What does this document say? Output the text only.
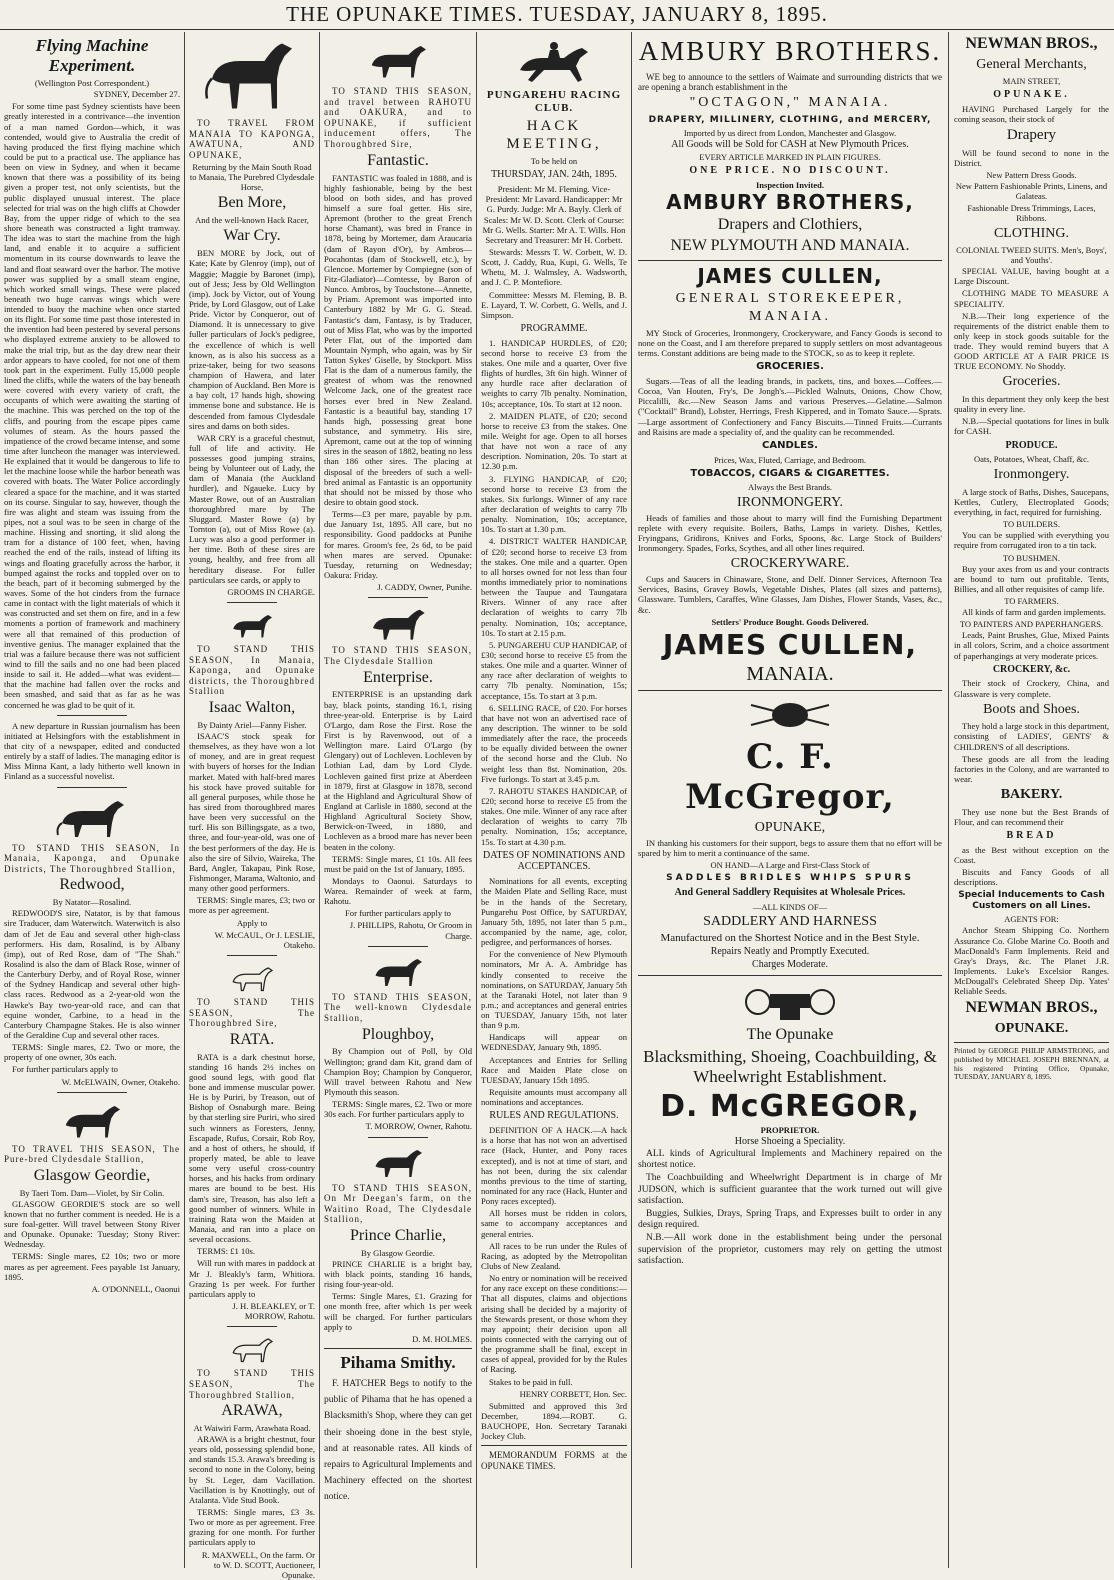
THE OPUNAKE TIMES. TUESDAY, JANUARY 8, 1895.
Flying Machine Experiment.
(Wellington Post Correspondent.)

SYDNEY, December 27.

For some time past Sydney scientists have been greatly interested in a contrivance—the invention of a man named Gordon—which, it was contended, would give to Australia the credit of having produced the first flying machine which could be put to a practical use. The appliance has been on view in Sydney, and when it became known that there was a possibility of its being given a proper test, not only scientists, but the public displayed unusual interest. The place selected for trial was on the high cliffs at Chowder Bay, from the upper ridge of which to the sea shore beneath was constructed a light tramway. The idea was to start the machine from the high land, and enable it to acquire a sufficient momentum in its course downwards to leave the land and float seaward over the harbor. The motive power was supplied by a small steam engine, which worked small wings. These were placed beneath two huge canvas wings which were intended to buoy the machine when once started on its flight. For some time past those interested in the invention had been pestered by several persons who displayed extreme anxiety to be allowed to make the trial trip, but as the day drew near their ardor appears to have cooled, for not one of them took part in the experiment. Fully 15,000 people lined the cliffs, while the waters of the bay beneath were covered with every variety of craft, the occupants of which were awaiting the starting of the machine. This was perched on the top of the cliffs, and pouring from the escape pipes came volumes of steam. As the hours passed the impatience of the crowd became intense, and some time after luncheon the manager was interviewed. He explained that it would be dangerous to life to let the machine loose while the harbor beneath was covered with boats. The Water Police accordingly cleared a space for the machine, and it was started on its course. Singular to say, however, though the fire was alight and steam was issuing from the pipes, not a soul was to be seen in charge of the machine. Hissing and snorting, it slid along the tram for a distance of 100 feet, when, having reached the end of the rails, instead of lifting its wings and floating gracefully across the harbor, it bumped against the rocks and toppled over on to the beach, part of it becoming submerged by the waves. Some of the hot cinders from the furnace came in contact with the light materials of which it was constructed and set them on fire, and in a few moments a portion of framework and machinery were all that remained of this production of inventive genius. The manager explained that the trial was a failure because there was not sufficient wind to fill the sails and no one had been placed inside to sail it. He added—what was evident—that the machine had fallen over the rocks and been smashed, and said that as far as he was concerned he was glad to be quit of it.

A new departure in Russian journalism has been initiated at Helsingfors with the establishment in that city of a newspaper, edited and conducted entirely by a staff of ladies. The managing editor is Miss Minna Kant, a lady hitherto well known in Finland as a successful novelist.

TO STAND THIS SEASON, In Manaia, Kaponga, and Opunake Districts, The Thoroughbred Stallion,

Redwood,
By Natator—Rosalind.

REDWOOD'S sire, Natator, is by that famous sire Traducer, dam Waterwitch. Waterwitch is also dam of Jet de Eau and several other high-class performers. His dam, Rosalind, is by Albany (imp), out of Red Rose, dam of "The Shah." Rosalind is also the dam of Black Rose, winner of the Canterbury Derby, and of Royal Rose, winner of the Sydney Handicap and several other high-class races. Redwood as a 2-year-old won the Hawke's Bay two-year-old race, and can that equine wonder, Carbine, to a head in the Canterbury Champagne Stakes. He is also winner of the Geraldine Cup and several other races.

TERMS: Single mares, £2. Two or more, the property of one owner, 30s each.

For further particulars apply to

W. McELWAIN, Owner, Otakeho.

TO TRAVEL THIS SEASON, The Pure-bred Clydesdale Stallion,

Glasgow Geordie,
By Taeri Tom. Dam—Violet, by Sir Colin.

GLASGOW GEORDIE'S stock are so well known that no further comment is needed. He is a sure foal-getter. Will travel between Stony River and Opunake. Opunake: Tuesday; Stony River: Wednesday.

TERMS: Single mares, £2 10s; two or more mares as per agreement. Fees payable 1st January, 1895.

A. O'DONNELL, Oaonui

TO TRAVEL FROM MANAIA TO KAPONGA, AWATUNA, AND OPUNAKE,

Returning by the Main South Road to Manaia, The Purebred Clydesdale Horse,
Ben More,
And the well-known Hack Racer,
War Cry.

BEN MORE by Jock, out of Kate; Kate by Glenroy (imp), out of Maggie; Maggie by Baronet (imp), out of Jess; Jess by Old Wellington (imp). Jock by Victor, out of Young Pride, by Lord Glasgow, out of Lake Pride. Victor by Conqueror, out of Diamond. It is unnecessary to give fuller particulars of Jock's pedigree, the excellence of which is well known, as is also his success as a prize-taker, being for two seasons champion of Hawera, and later champion of Auckland. Ben More is a bay colt, 17 hands high, showing immense bone and substance. He is descended from famous Clydesdale sires and dams on both sides.

WAR CRY is a graceful chestnut, full of life and activity. He possesses good jumping strains, being by Volunteer out of Lady, the dam of Manaia (the Auckland hurdler), and Ngaueke. Lucy by Master Rowe, out of an Australian thoroughbred mare by The Sluggard. Master Rowe (a) by Tornton (a), out of Miss Rowe (a). Lucy was also a good performer in her time. Both of these sires are young, healthy, and free from all hereditary disease. For fuller particulars see cards, or apply to

GROOMS IN CHARGE.

TO STAND THIS SEASON, In Manaia, Kaponga, and Opunake districts, the Thoroughbred Stallion

Isaac Walton,
By Dainty Ariel—Fanny Fisher.

ISAAC'S stock speak for themselves, as they have won a lot of money, and are in great request with buyers of horses for the Indian market. Mated with half-bred mares his stock have proved suitable for all general purposes, while those he has sired from thoroughbred mares have been very successful on the turf. His son Billingsgate, as a two, three, and four-year-old, was one of the best performers of the day. He is also the sire of Silvio, Waireka, The Bard, Angler, Takapau, Pink Rose, Fishmonger, Marama, Waltonio, and many other good performers.

TERMS: Single mares, £3; two or more as per agreement.

Apply to

W. McCAUL, Or J. LESLIE, Otakeho.

TO STAND THIS SEASON, The Thoroughbred Sire,

RATA.

RATA is a dark chestnut horse, standing 16 hands 2½ inches on good sound legs, with good flat bone and immense muscular power. He is by Puriri, by Treason, out of Bishop of Osnaburgh mare. Being by that sterling sire Puriri, who sired such winners as Foresters, Jenny, Escapade, Rufus, Corsair, Rob Roy, and a host of others, he should, if properly mated, be able to leave some very useful cross-country horses, and his hacks from ordinary mares are bound to be best. His dam's sire, Treason, has also left a good number of winners. While in training Rata won the Maiden at Manaia, and ran into a place on several occasions.

TERMS: £1 10s.

Will run with mares in paddock at Mr J. Bleakly's farm, Whitiora. Grazing 1s per week. For further particulars apply to

J. H. BLEAKLEY, or T. MORROW, Rahotu.

TO STAND THIS SEASON, The Thoroughbred Stallion,

ARAWA,
At Waiwiri Farm, Arawhata Road.

ARAWA is a bright chestnut, four years old, possessing splendid bone, and stands 15.3. Arawa's breeding is second to none in the Colony, being by St. Leger, dam Vacillation. Vacillation is by Knottingly, out of Atalanta. Vide Stud Book.

TERMS: Single mares, £3 3s. Two or more as per agreement. Free grazing for one month. For further particulars apply to

R. MAXWELL, On the farm. Or to W. D. SCOTT, Auctioneer, Opunake.

TO STAND THIS SEASON, and travel between RAHOTU and OAKURA, and to OPUNAKE, if sufficient inducement offers, The Thoroughbred Sire,

Fantastic.

FANTASTIC was foaled in 1888, and is highly fashionable, being by the best blood on both sides, and has proved himself a sure foal getter. His sire, Apremont (brother to the great French horse Chamant), was bred in France in 1878, being by Mortemer, dam Araucaria (dam of Rayon d'Or), by Ambros—Pocahontas (dam of Stockwell, etc.), by Glencoe. Mortemer by Compiegne (son of Fitz-Gladiator)—Comtesse, by Baron of Nunco. Ambros, by Touchstone—Annette, by Priam. Apremont was imported into Canterbury 1882 by Mr G. G. Stead. Fantastic's dam, Fantasy, is by Traducer, out of Miss Flat, who was by the imported Peter Flat, out of the imported dam Mountain Nymph, who again, was by Sir Tatton Sykes' Giselle, by Stockport. Miss Flat is the dam of a numerous family, the greatest of whom was the renowned Welcome Jack, one of the greatest race horses ever bred in New Zealand. Fantastic is a beautiful bay, standing 17 hands high, possessing great bone substance, and symmetry. His sire, Apremont, came out at the top of winning sires in the season of 1882, beating no less than 186 other sires. The placing at disposal of the breeders of such a well-bred animal as Fantastic is an opportunity that should not be missed by those who desire to obtain good stock.

Terms—£3 per mare, payable by p.m. due January 1st, 1895. All care, but no responsibility. Good paddocks at Punihe for mares. Groom's fee, 2s 6d, to be paid when mares are served. Opunake: Tuesday, returning on Wednesday; Oakura: Friday.

J. CADDY, Owner, Punihe.

TO STAND THIS SEASON, The Clydesdale Stallion

Enterprise.

ENTERPRISE is an upstanding dark bay, black points, standing 16.1, rising three-year-old. Enterprise is by Laird O'Largo, dam Rose the First. Rose the First is by Ravenwood, out of a Wellington mare. Laird O'Largo (by Glengary) out of Lochleven. Lochleven by Lothian Lad, dam by Lord Clyde. Lochleven gained first prize at Aberdeen in 1879, first at Glasgow in 1878, second at the Highland and Agricultural Show of England at Carlisle in 1880, second at the Highland Agricultural Society Show, Berwick-on-Tweed, in 1880, and Lochleven as a brood mare has never been beaten in the colony.

TERMS: Single mares, £1 10s. All fees must be paid on the 1st of January, 1895.

Mondays to Oaonui. Saturdays to Warea. Remainder of week at farm, Rahotu.

For further particulars apply to

J. PHILLIPS, Rahotu, Or Groom in Charge.

TO STAND THIS SEASON, The well-known Clydesdale Stallion,

Ploughboy,

By Champion out of Poll, by Old Wellington; grand dam Kit, grand dam of Champion Boy; Champion by Conqueror, Will travel between Rahotu and New Plymouth this season.

TERMS: Single mares, £2. Two or more 30s each. For further particulars apply to

T. MORROW, Owner, Rahotu.

TO STAND THIS SEASON, On Mr Deegan's farm, on the Waitino Road, The Clydesdale Stallion,

Prince Charlie,
By Glasgow Geordie.

PRINCE CHARLIE is a bright bay, with black points, standing 16 hands, rising four-year-old.

Terms: Single Mares, £1. Grazing for one month free, after which 1s per week will be charged. For further particulars apply to

D. M. HOLMES.

Pihama Smithy.

F. HATCHER Begs to notify to the public of Pihama that he has opened a Blacksmith's Shop, where they can get their shoeing done in the best style, and at reasonable rates. All kinds of repairs to Agricultural Implements and Machinery effected on the shortest notice.

PUNGAREHU RACING CLUB.
HACK MEETING,
To be held on
THURSDAY, JAN. 24th, 1895.

President: Mr M. Fleming. Vice-President: Mr Lavard. Handicapper: Mr G. Purdy. Judge: Mr A. Bayly. Clerk of Scales: Mr W. D. Scott. Clerk of Course: Mr G. Wells. Starter: Mr A. T. Wills. Hon Secretary and Treasurer: Mr H. Corbett.

Stewards: Messrs T. W. Corbett, W. D. Scott, J. Caddy, Rua, Kupi, G. Wells, Te Whetu, M. J. Walmsley, A. Wadsworth, and J. C. P. Montefiore.

Committee: Messrs M. Fleming, B. B. E. Layard, T. W. Corbett, G. Wells, and J. Simpson.

PROGRAMME.

1. HANDICAP HURDLES, of £20; second horse to receive £3 from the stakes. One mile and a quarter, Over five flights of hurdles, 3ft 6in high. Winner of any hurdle race after declaration of weights to carry 7lb penalty. Nomination, 10s; acceptance, 10s. To start at 12 noon.

2. MAIDEN PLATE, of £20; second horse to receive £3 from the stakes. One mile. Weight for age. Open to all horses that have not won a race of any description. Nomination, 20s. To start at 12.30 p.m.

3. FLYING HANDICAP, of £20; second horse to receive £3 from the stakes. Six furlongs. Winner of any race after declaration of weights to carry 7lb penalty. Nomination, 10s; acceptance, 10s. To start at 1.30 p.m.

4. DISTRICT WALTER HANDICAP, of £20; second horse to receive £3 from the stakes. One mile and a quarter. Open to all horses owned for not less than four months immediately prior to nominations between the Taupue and Taungatara Rivers. Winner of any race after declaration of weights to carry 7lb penalty. Nomination, 10s; acceptance, 10s. To start at 2.15 p.m.

5. PUNGAREHU CUP HANDICAP, of £30; second horse to receive £5 from the stakes. One mile and a quarter. Winner of any race after declaration of weights to carry 7lb penalty. Nomination, 15s; acceptance, 15s. To start at 3 p.m.

6. SELLING RACE, of £20. For horses that have not won an advertised race of any description. The winner to be sold immediately after the race, the proceeds to be equally divided between the owner of the second horse and the Club. No weight less than 8st. Nomination, 20s. Five furlongs. To start at 3.45 p.m.

7. RAHOTU STAKES HANDICAP, of £20; second horse to receive £5 from the stakes. One mile. Winner of any race after declaration of weights to carry 7lb penalty. Nomination, 15s; acceptance, 15s. To start at 4.30 p.m.

DATES OF NOMINATIONS AND ACCEPTANCES.

Nominations for all events, excepting the Maiden Plate and Selling Race, must be in the hands of the Secretary, Pungarehu Post Office, by SATURDAY, January 5th, 1895, not later than 5 p.m., accompanied by the name, age, color, pedigree, and performances of horses.

For the convenience of New Plymouth nominators, Mr A. A. Ambridge has kindly consented to receive the nominations, on SATURDAY, January 5th at the Taranaki Hotel, not later than 9 p.m.; and acceptances and general entries on TUESDAY, January 15th, not later than 9 p.m.

Handicaps will appear on WEDNESDAY, January 9th, 1895.

Acceptances and Entries for Selling Race and Maiden Plate close on TUESDAY, January 15th 1895.

Requisite amounts must accompany all nominations and acceptances.

RULES AND REGULATIONS.

DEFINITION OF A HACK.—A hack is a horse that has not won an advertised race (Hack, Hunter, and Pony races excepted), and is not at time of start, and has not been, during the six calendar months previous to the time of starting, nominated for any race (Hack, Hunter and Pony races excepted).

All horses must be ridden in colors, same to accompany acceptances and general entries.

All races to be run under the Rules of Racing, as adopted by the Metropolitan Clubs of New Zealand.

No entry or nomination will be received for any race except on these conditions:—That all disputes, claims and objections arising shall be decided by a majority of the Stewards present, or those whom they may appoint; their decision upon all points connected with the carrying out of the programme shall be final, except in cases of appeal, provided for by the Rules of Racing.

Stakes to be paid in full.

HENRY CORBETT, Hon. Sec.

Submitted and approved this 3rd December, 1894.—ROBT. G. BAUCHOPE, Hon. Secretary Taranaki Jockey Club.

MEMORANDUM FORMS at the OPUNAKE TIMES.

AMBURY BROTHERS.

WE beg to announce to the settlers of Waimate and surrounding districts that we are opening a branch establishment in the

"OCTAGON," MANAIA.
DRAPERY, MILLINERY, CLOTHING, and MERCERY,
Imported by us direct from London, Manchester and Glasgow.
All Goods will be Sold for CASH at New Plymouth Prices.
EVERY ARTICLE MARKED IN PLAIN FIGURES.
ONE PRICE. NO DISCOUNT.
Inspection Invited.
AMBURY BROTHERS,
Drapers and Clothiers,
NEW PLYMOUTH AND MANAIA.
JAMES CULLEN,
GENERAL STOREKEEPER,
MANAIA.

MY Stock of Groceries, Ironmongery, Crockeryware, and Fancy Goods is second to none on the Coast, and I am therefore prepared to supply settlers on most advantageous terms. Constant additions are being made to the STOCK, so as to keep it replete.

GROCERIES.

Sugars.—Teas of all the leading brands, in packets, tins, and boxes.—Coffees.—Cocoa, Van Houten, Fry's, De Jongh's.—Pickled Walnuts, Onions, Chow Chow, Piccalilli, &c.—New Season Jams and various Preserves.—Gelatine.—Salmon ("Cocktail" Brand), Lobster, Herrings, Fresh Kippered, and in Tomato Sauce.—Sprats.—Large assortment of Confectionery and Fancy Biscuits.—Tinned Fruits.—Currants and Raisins are made a speciality of, and the quality can be recommended.

CANDLES.
Prices, Wax, Fluted, Carriage, and Bedroom.
TOBACCOS, CIGARS & CIGARETTES.
Always the Best Brands.
IRONMONGERY.

Heads of families and those about to marry will find the Furnishing Department replete with every requisite. Boilers, Baths, Lamps in variety. Dishes, Kettles, Fryingpans, Gridirons, Knives and Forks, Spoons, &c. Large Stock of Builders' Ironmongery. Spades, Forks, Scythes, and all other lines required.

CROCKERYWARE.

Cups and Saucers in Chinaware, Stone, and Delf. Dinner Services, Afternoon Tea Services, Basins, Gravey Bowls, Vegetable Dishes, Plates (all sizes and patterns), Glassware. Tumblers, Caraffes, Wine Glasses, Jam Dishes, Flower Stands, Vases, &c., &c.

Settlers' Produce Bought. Goods Delivered.
JAMES CULLEN,
MANAIA.
C. F. McGregor,
OPUNAKE,

IN thanking his customers for their support, begs to assure them that no effort will be spared by him to merit a continuance of the same.

ON HAND—A Large and First-Class Stock of
SADDLES BRIDLES WHIPS SPURS
And General Saddlery Requisites at Wholesale Prices.
—ALL KINDS OF—
SADDLERY AND HARNESS
Manufactured on the Shortest Notice and in the Best Style.
Repairs Neatly and Promptly Executed.
Charges Moderate.
The Opunake
Blacksmithing, Shoeing, Coachbuilding, & Wheelwright Establishment.
D. McGREGOR,
PROPRIETOR.
Horse Shoeing a Speciality.

ALL kinds of Agricultural Implements and Machinery repaired on the shortest notice.

The Coachbuilding and Wheelwright Department is in charge of Mr JUDSON, which is sufficient guarantee that the work turned out will give satisfaction.

Buggies, Sulkies, Drays, Spring Traps, and Expresses built to order in any design required.

N.B.—All work done in the establishment being under the personal supervision of the proprietor, customers may rely on getting the utmost satisfaction.

NEWMAN BROS.,
General Merchants,
MAIN STREET,
OPUNAKE.

HAVING Purchased Largely for the coming season, their stock of

Drapery

Will be found second to none in the District.

New Pattern Dress Goods.
New Pattern Fashionable Prints, Linens, and Galateas.
Fashionable Dress Trimmings, Laces, Ribbons.
CLOTHING.
COLONIAL TWEED SUITS. Men's, Boys', and Youths'.

SPECIAL VALUE, having bought at a Large Discount.

CLOTHING MADE TO MEASURE A SPECIALITY.

N.B.—Their long experience of the requirements of the district enable them to only keep in stock goods suitable for the trade. They would remind buyers that A GOOD ARTICLE AT A FAIR PRICE IS TRUE ECONOMY. No Shoddy.

Groceries.

In this department they only keep the best quality in every line.

N.B.—Special quotations for lines in bulk for CASH.

PRODUCE.
Oats, Potatoes, Wheat, Chaff, &c.
Ironmongery.

A large stock of Baths, Dishes, Saucepans, Kettles, Cutlery, Electroplated Goods; everything, in fact, required for furnishing.

TO BUILDERS.

You can be supplied with everything you require from corrugated iron to a tin tack.

TO BUSHMEN.

Buy your axes from us and your contracts are bound to turn out profitable. Tents, Billies, and all other requisites of camp life.

TO FARMERS.

All kinds of farm and garden implements.

TO PAINTERS AND PAPERHANGERS.

Leads, Paint Brushes, Glue, Mixed Paints in all colors, Scrim, and a choice assortment of paperhangings at very moderate prices.

CROCKERY, &c.

Their stock of Crockery, China, and Glassware is very complete.

Boots and Shoes.

They hold a large stock in this department, consisting of LADIES', GENTS' & CHILDREN'S of all descriptions.

These goods are all from the leading factories in the Colony, and are warranted to wear.

BAKERY.

They use none but the Best Brands of Flour, and can recommend their

BREAD

as the Best without exception on the Coast.

Biscuits and Fancy Goods of all descriptions.

Special Inducements to Cash Customers on all Lines.
AGENTS FOR:

Anchor Steam Shipping Co. Northern Assurance Co. Globe Marine Co. Booth and MacDonald's Farm Implements. Reid and Gray's Drays, &c. The Planet J.R. Implements. Luke's Excelsior Ranges. McDougall's Celebrated Sheep Dip. Yates' Reliable Seeds.

NEWMAN BROS.,
OPUNAKE.

Printed by GEORGE PHILIP ARMSTRONG, and published by MICHAEL JOSEPH BRENNAN, at his registered Printing Office, Opunake, TUESDAY, JANUARY 8, 1895.
